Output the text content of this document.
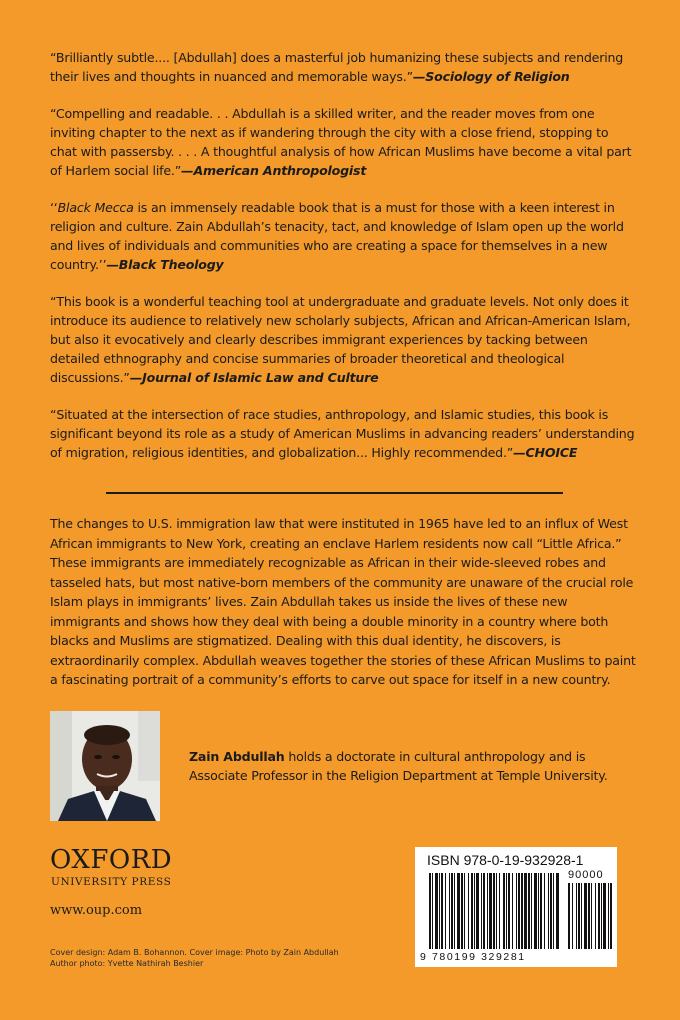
“Brilliantly subtle.... [Abdullah] does a masterful job humanizing these subjects and rendering their lives and thoughts in nuanced and memorable ways.”—Sociology of Religion

“Compelling and readable. . . Abdullah is a skilled writer, and the reader moves from one inviting chapter to the next as if wandering through the city with a close friend, stopping to chat with passersby. . . . A thoughtful analysis of how African Muslims have become a vital part of Harlem social life.”—American Anthropologist

‘‘Black Mecca is an immensely readable book that is a must for those with a keen interest in religion and culture. Zain Abdullah’s tenacity, tact, and knowledge of Islam open up the world and lives of individuals and communities who are creating a space for themselves in a new country.’’—Black Theology

“This book is a wonderful teaching tool at undergraduate and graduate levels. Not only does it introduce its audience to relatively new scholarly subjects, African and African-American Islam, but also it evocatively and clearly describes immigrant experiences by tacking between detailed ethnography and concise summaries of broader theoretical and theological discussions.”—Journal of Islamic Law and Culture

“Situated at the intersection of race studies, anthropology, and Islamic studies, this book is significant beyond its role as a study of American Muslims in advancing readers’ understanding of migration, religious identities, and globalization... Highly recommended.”—CHOICE

The changes to U.S. immigration law that were instituted in 1965 have led to an influx of West African immigrants to New York, creating an enclave Harlem residents now call “Little Africa.” These immigrants are immediately recognizable as African in their wide-sleeved robes and tasseled hats, but most native-born members of the community are unaware of the crucial role Islam plays in immigrants’ lives. Zain Abdullah takes us inside the lives of these new immigrants and shows how they deal with being a double minority in a country where both blacks and Muslims are stigmatized. Dealing with this dual identity, he discovers, is extraordinarily complex. Abdullah weaves together the stories of these African Muslims to paint a fascinating portrait of a community’s efforts to carve out space for itself in a new country.

Zain Abdullah holds a doctorate in cultural anthropology and is Associate Professor in the Religion Department at Temple University.

OXFORD
UNIVERSITY PRESS
www.oup.com
Cover design: Adam B. Bohannon. Cover image: Photo by Zain Abdullah
Author photo: Yvette Nathirah Beshier
ISBN 978-0-19-932928-1
90000
9 780199 329281
